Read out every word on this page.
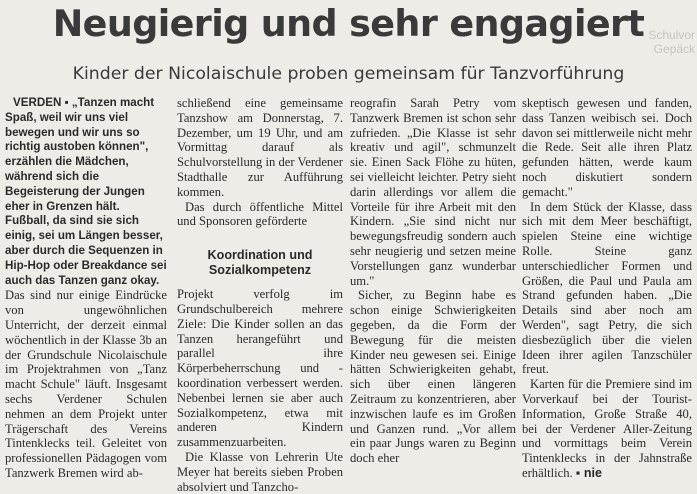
Neugierig und sehr engagiert
Kinder der Nicolaischule proben gemeinsam für Tanzvorführung
Schulvor Gepäck

VERDEN ▪ „Tanzen macht Spaß, weil wir uns viel bewegen und wir uns so richtig austoben können", erzählen die Mädchen, während sich die Begeisterung der Jungen eher in Grenzen hält. Fußball, da sind sie sich einig, sei um Längen besser, aber durch die Sequenzen in Hip-Hop oder Breakdance sei auch das Tanzen ganz okay.

Das sind nur einige Eindrücke von ungewöhnlichen Unterricht, der derzeit einmal wöchentlich in der Klasse 3b an der Grundschule Nicolaischule im Projektrahmen von „Tanz macht Schule" läuft. Insgesamt sechs Verdener Schulen nehmen an dem Projekt unter Trägerschaft des Vereins Tintenklecks teil. Geleitet von professionellen Pädagogen vom Tanzwerk Bremen wird ab-

schließend eine gemeinsame Tanzshow am Donnerstag, 7. Dezember, um 19 Uhr, und am Vormittag darauf als Schulvorstellung in der Verdener Stadthalle zur Aufführung kommen.

Das durch öffentliche Mittel und Sponsoren geförderte

Koordination und Sozialkompetenz

Projekt verfolg im Grundschulbereich mehrere Ziele: Die Kinder sollen an das Tanzen herangeführt und parallel ihre Körperbeherrschung und -koordination verbessert werden. Nebenbei lernen sie aber auch Sozialkompetenz, etwa mit anderen Kindern zusammenzuarbeiten.

Die Klasse von Lehrerin Ute Meyer hat bereits sieben Proben absolviert und Tanzcho-

reografin Sarah Petry vom Tanzwerk Bremen ist schon sehr zufrieden. „Die Klasse ist sehr kreativ und agil", schmunzelt sie. Einen Sack Flöhe zu hüten, sei vielleicht leichter. Petry sieht darin allerdings vor allem die Vorteile für ihre Arbeit mit den Kindern. „Sie sind nicht nur bewegungsfreudig sondern auch sehr neugierig und setzen meine Vorstellungen ganz wunderbar um."

Sicher, zu Beginn habe es schon einige Schwierigkeiten gegeben, da die Form der Bewegung für die meisten Kinder neu gewesen sei. Einige hätten Schwierigkeiten gehabt, sich über einen längeren Zeitraum zu konzentrieren, aber inzwischen laufe es im Großen und Ganzen rund. „Vor allem ein paar Jungs waren zu Beginn doch eher

skeptisch gewesen und fanden, dass Tanzen weibisch sei. Doch davon sei mittlerweile nicht mehr die Rede. Seit alle ihren Platz gefunden hätten, werde kaum noch diskutiert sondern gemacht."

In dem Stück der Klasse, dass sich mit dem Meer beschäftigt, spielen Steine eine wichtige Rolle. Steine ganz unterschiedlicher Formen und Größen, die Paul und Paula am Strand gefunden haben. „Die Details sind aber noch am Werden", sagt Petry, die sich diesbezüglich über die vielen Ideen ihrer agilen Tanzschüler freut.

Karten für die Premiere sind im Vorverkauf bei der Tourist-Information, Große Straße 40, bei der Verdener Aller-Zeitung und vormittags beim Verein Tintenklecks in der Jahnstraße erhältlich. ▪ nie
